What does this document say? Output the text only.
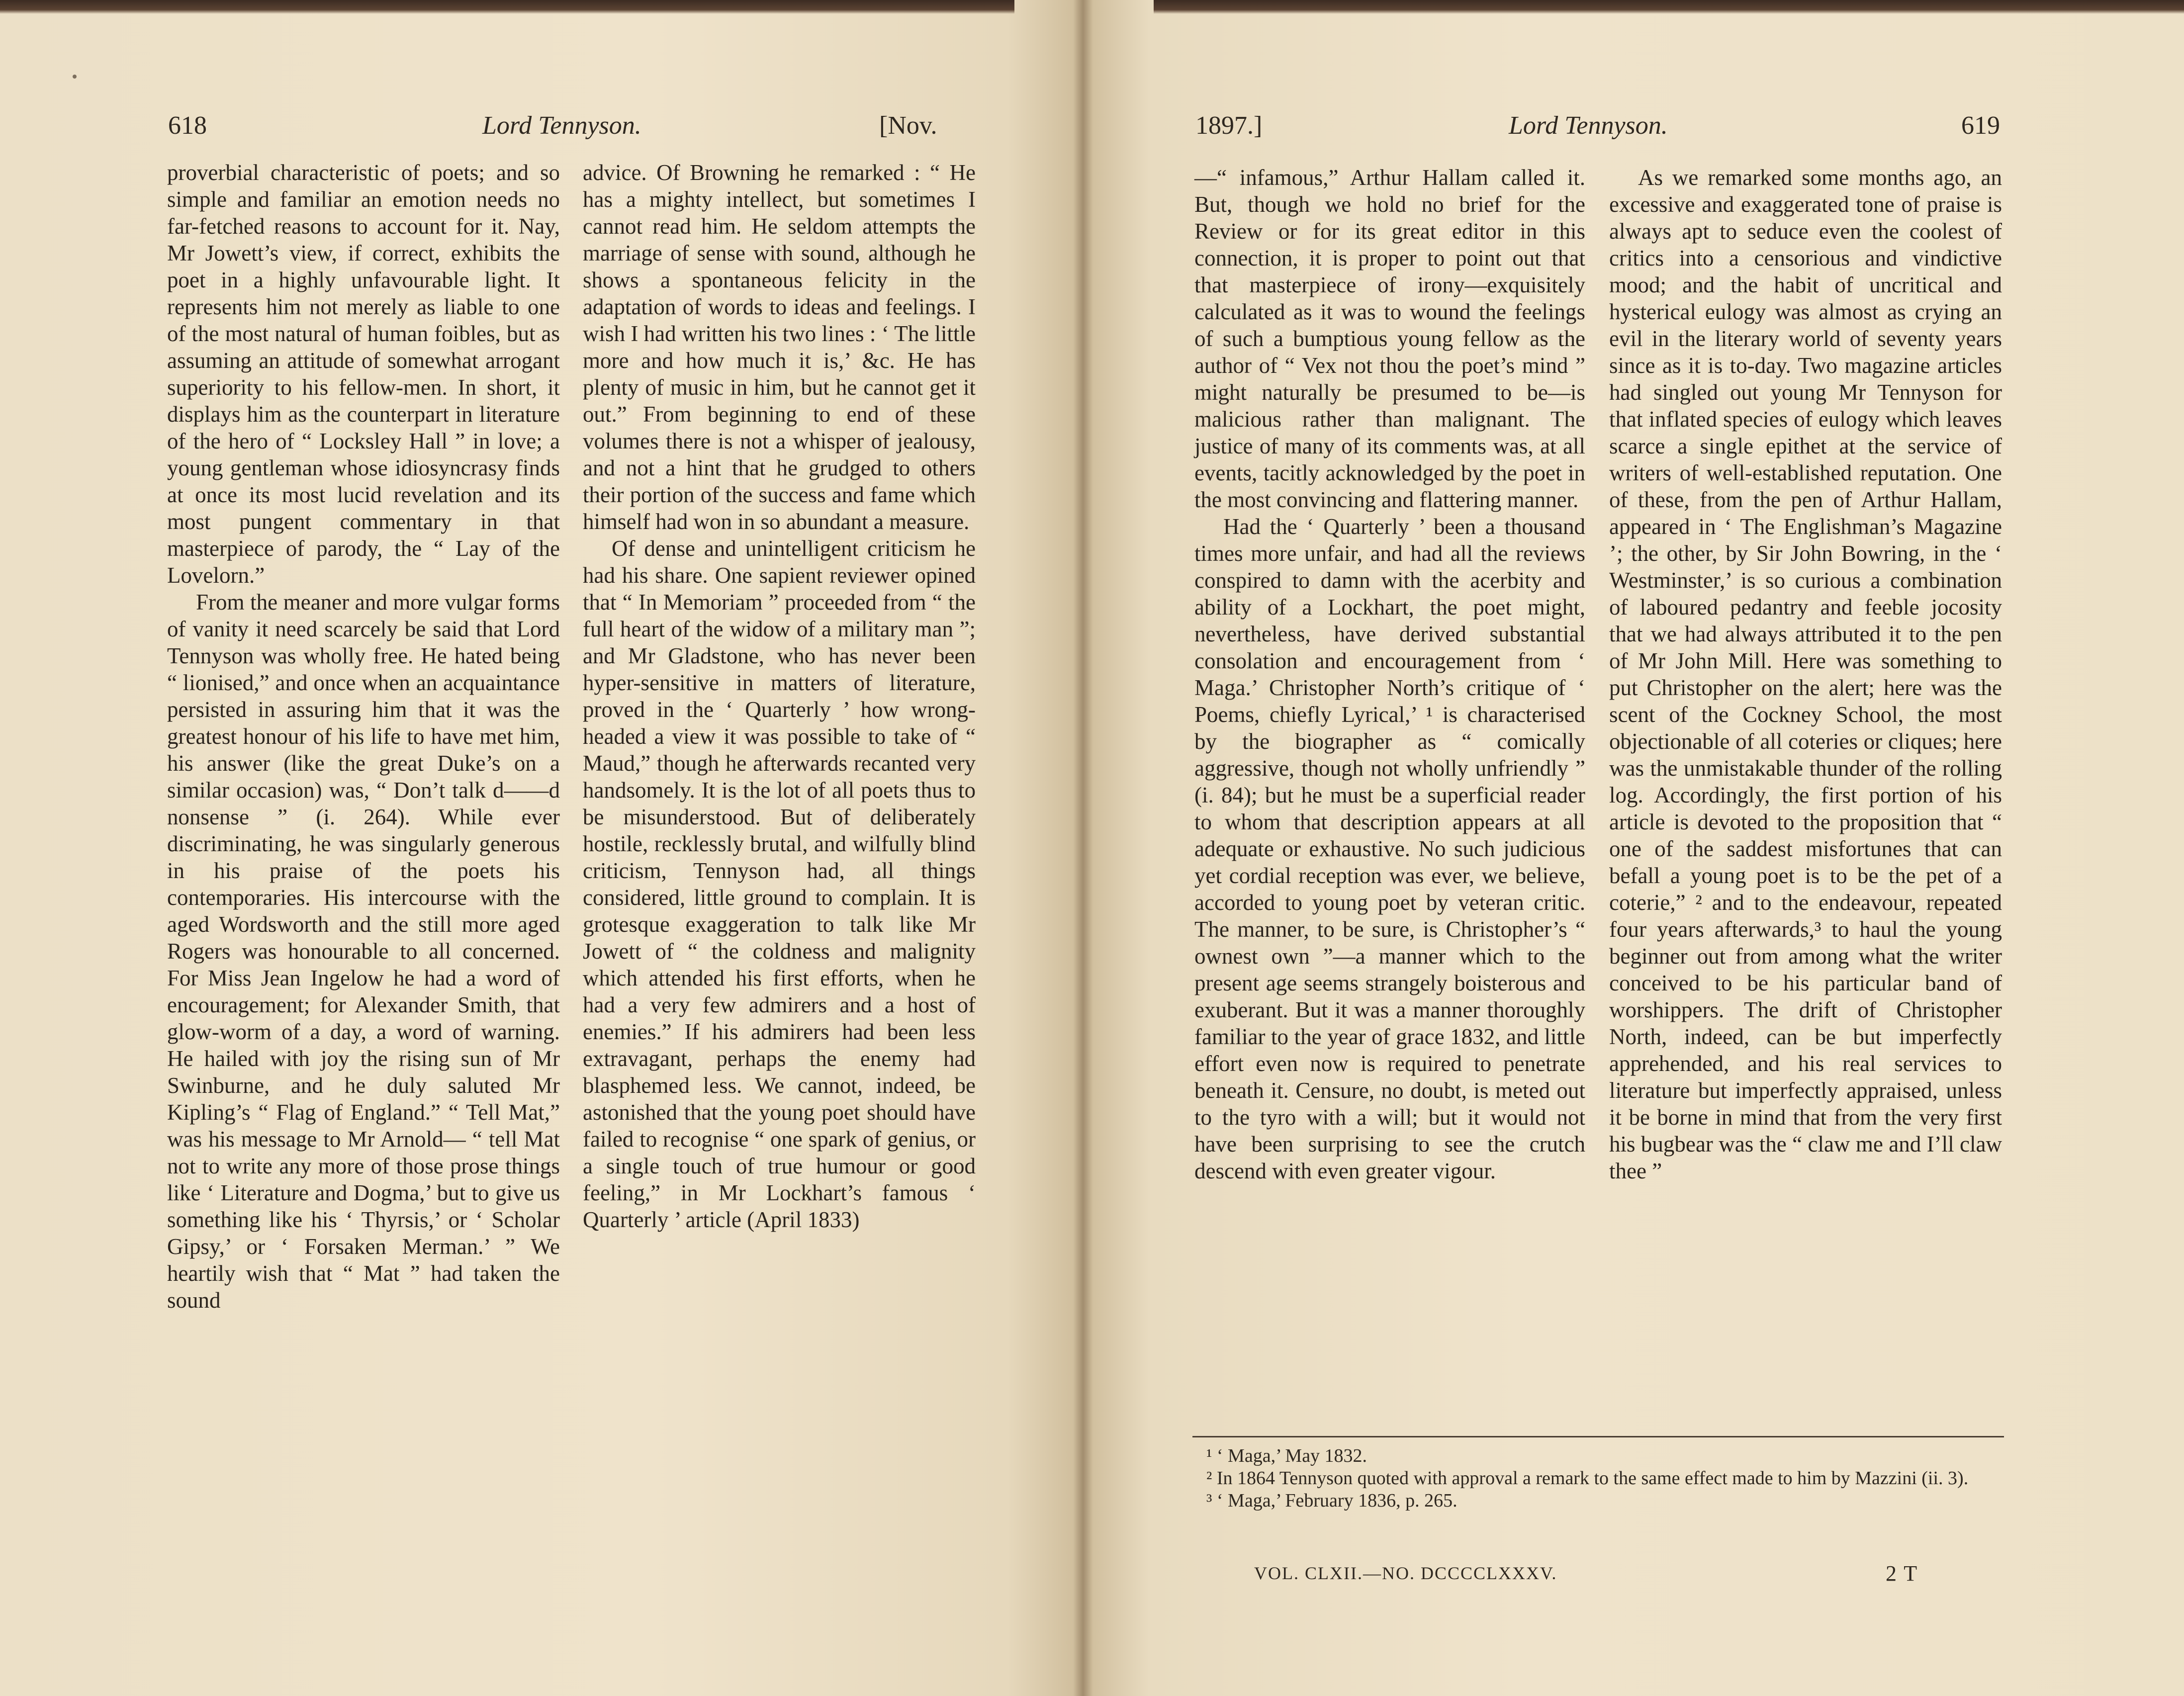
618	Lord Tennyson.	[Nov.

proverbial characteristic of poets; and so simple and familiar an emotion needs no far-fetched reasons to account for it. Nay, Mr Jowett’s view, if correct, exhibits the poet in a highly unfavourable light. It represents him not merely as liable to one of the most natural of human foibles, but as assuming an attitude of somewhat arrogant superiority to his fellow-men. In short, it displays him as the counterpart in literature of the hero of “ Locksley Hall ” in love; a young gentleman whose idiosyncrasy finds at once its most lucid revelation and its most pungent commentary in that masterpiece of parody, the “ Lay of the Lovelorn.”

From the meaner and more vulgar forms of vanity it need scarcely be said that Lord Tennyson was wholly free. He hated being “ lionised,” and once when an acquaintance persisted in assuring him that it was the greatest honour of his life to have met him, his answer (like the great Duke’s on a similar occasion) was, “ Don’t talk d——d nonsense ” (i. 264). While ever discriminating, he was singularly generous in his praise of the poets his contemporaries. His intercourse with the aged Wordsworth and the still more aged Rogers was honourable to all concerned. For Miss Jean Ingelow he had a word of encouragement; for Alexander Smith, that glow-worm of a day, a word of warning. He hailed with joy the rising sun of Mr Swinburne, and he duly saluted Mr Kipling’s “ Flag of England.” “ Tell Mat,” was his message to Mr Arnold— “ tell Mat not to write any more of those prose things like ‘ Literature and Dogma,’ but to give us something like his ‘ Thyrsis,’ or ‘ Scholar Gipsy,’ or ‘ Forsaken Merman.’ ” We heartily wish that “ Mat ” had taken the sound

advice. Of Browning he remarked : “ He has a mighty intellect, but sometimes I cannot read him. He seldom attempts the marriage of sense with sound, although he shows a spontaneous felicity in the adaptation of words to ideas and feelings. I wish I had written his two lines : ‘ The little more and how much it is,’ &c. He has plenty of music in him, but he cannot get it out.” From beginning to end of these volumes there is not a whisper of jealousy, and not a hint that he grudged to others their portion of the success and fame which himself had won in so abundant a measure.

Of dense and unintelligent criticism he had his share. One sapient reviewer opined that “ In Memoriam ” proceeded from “ the full heart of the widow of a military man ”; and Mr Gladstone, who has never been hyper-sensitive in matters of literature, proved in the ‘ Quarterly ’ how wrong-headed a view it was possible to take of “ Maud,” though he afterwards recanted very handsomely. It is the lot of all poets thus to be misunderstood. But of deliberately hostile, recklessly brutal, and wilfully blind criticism, Tennyson had, all things considered, little ground to complain. It is grotesque exaggeration to talk like Mr Jowett of “ the coldness and malignity which attended his first efforts, when he had a very few admirers and a host of enemies.” If his admirers had been less extravagant, perhaps the enemy had blasphemed less. We cannot, indeed, be astonished that the young poet should have failed to recognise “ one spark of genius, or a single touch of true humour or good feeling,” in Mr Lockhart’s famous ‘ Quarterly ’ article (April 1833)

1897.]	Lord Tennyson.	619

—“ infamous,” Arthur Hallam called it. But, though we hold no brief for the Review or for its great editor in this connection, it is proper to point out that that masterpiece of irony—exquisitely calculated as it was to wound the feelings of such a bumptious young fellow as the author of “ Vex not thou the poet’s mind ” might naturally be presumed to be—is malicious rather than malignant. The justice of many of its comments was, at all events, tacitly acknowledged by the poet in the most convincing and flattering manner.

Had the ‘ Quarterly ’ been a thousand times more unfair, and had all the reviews conspired to damn with the acerbity and ability of a Lockhart, the poet might, nevertheless, have derived substantial consolation and encouragement from ‘ Maga.’ Christopher North’s critique of ‘ Poems, chiefly Lyrical,’ ¹ is characterised by the biographer as “ comically aggressive, though not wholly unfriendly ” (i. 84); but he must be a superficial reader to whom that description appears at all adequate or exhaustive. No such judicious yet cordial reception was ever, we believe, accorded to young poet by veteran critic. The manner, to be sure, is Christopher’s “ ownest own ”—a manner which to the present age seems strangely boisterous and exuberant. But it was a manner thoroughly familiar to the year of grace 1832, and little effort even now is required to penetrate beneath it. Censure, no doubt, is meted out to the tyro with a will; but it would not have been surprising to see the crutch descend with even greater vigour.

As we remarked some months ago, an excessive and exaggerated tone of praise is always apt to seduce even the coolest of critics into a censorious and vindictive mood; and the habit of uncritical and hysterical eulogy was almost as crying an evil in the literary world of seventy years since as it is to-day. Two magazine articles had singled out young Mr Tennyson for that inflated species of eulogy which leaves scarce a single epithet at the service of writers of well-established reputation. One of these, from the pen of Arthur Hallam, appeared in ‘ The Englishman’s Magazine ’; the other, by Sir John Bowring, in the ‘ Westminster,’ is so curious a combination of laboured pedantry and feeble jocosity that we had always attributed it to the pen of Mr John Mill. Here was something to put Christopher on the alert; here was the scent of the Cockney School, the most objectionable of all coteries or cliques; here was the unmistakable thunder of the rolling log. Accordingly, the first portion of his article is devoted to the proposition that “ one of the saddest misfortunes that can befall a young poet is to be the pet of a coterie,” ² and to the endeavour, repeated four years afterwards,³ to haul the young beginner out from among what the writer conceived to be his particular band of worshippers. The drift of Christopher North, indeed, can be but imperfectly apprehended, and his real services to literature but imperfectly appraised, unless it be borne in mind that from the very first his bugbear was the “ claw me and I’ll claw thee ”

¹ ‘ Maga,’ May 1832.

² In 1864 Tennyson quoted with approval a remark to the same effect made to him by Mazzini (ii. 3).

³ ‘ Maga,’ February 1836, p. 265.

VOL. CLXII.—NO. DCCCCLXXXV.	2 T
